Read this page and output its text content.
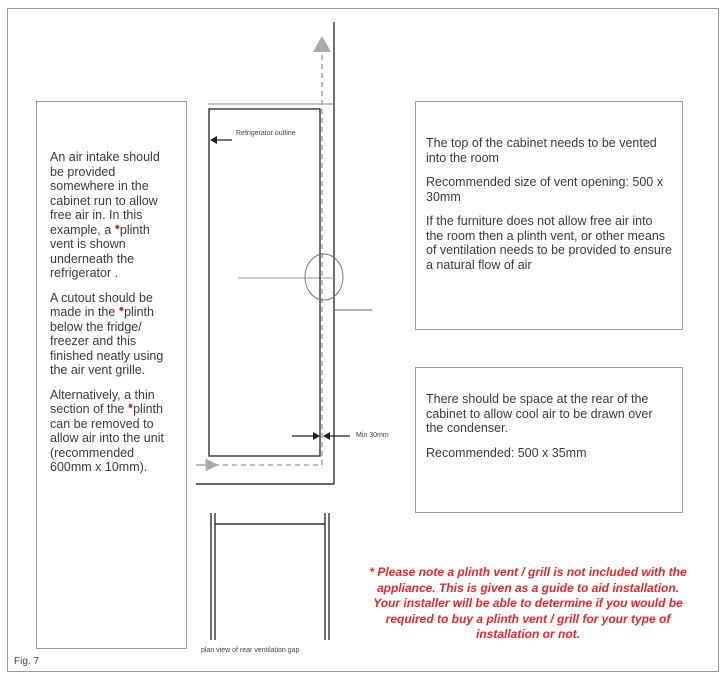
Refrigerator outline
Min 30mm
plan view of rear ventilation gap

An air intake should be provided somewhere in the cabinet run to allow free air in. In this example, a •plinth vent is shown underneath the refrigerator .

A cutout should be made in the •plinth below the fridge/ freezer and this finished neatly using the air vent grille.

Alternatively, a thin section of the •plinth can be removed to allow air into the unit (recommended 600mm x 10mm).

The top of the cabinet needs to be vented into the room

Recommended size of vent opening: 500 x 30mm

If the furniture does not allow free air into the room then a plinth vent, or other means of ventilation needs to be provided to ensure a natural flow of air

There should be space at the rear of the cabinet to allow cool air to be drawn over the condenser.

Recommended: 500 x 35mm

* Please note a plinth vent / grill is not included with the appliance. This is given as a guide to aid installation. Your installer will be able to determine if you would be required to buy a plinth vent / grill for your type of installation or not.
Fig. 7
